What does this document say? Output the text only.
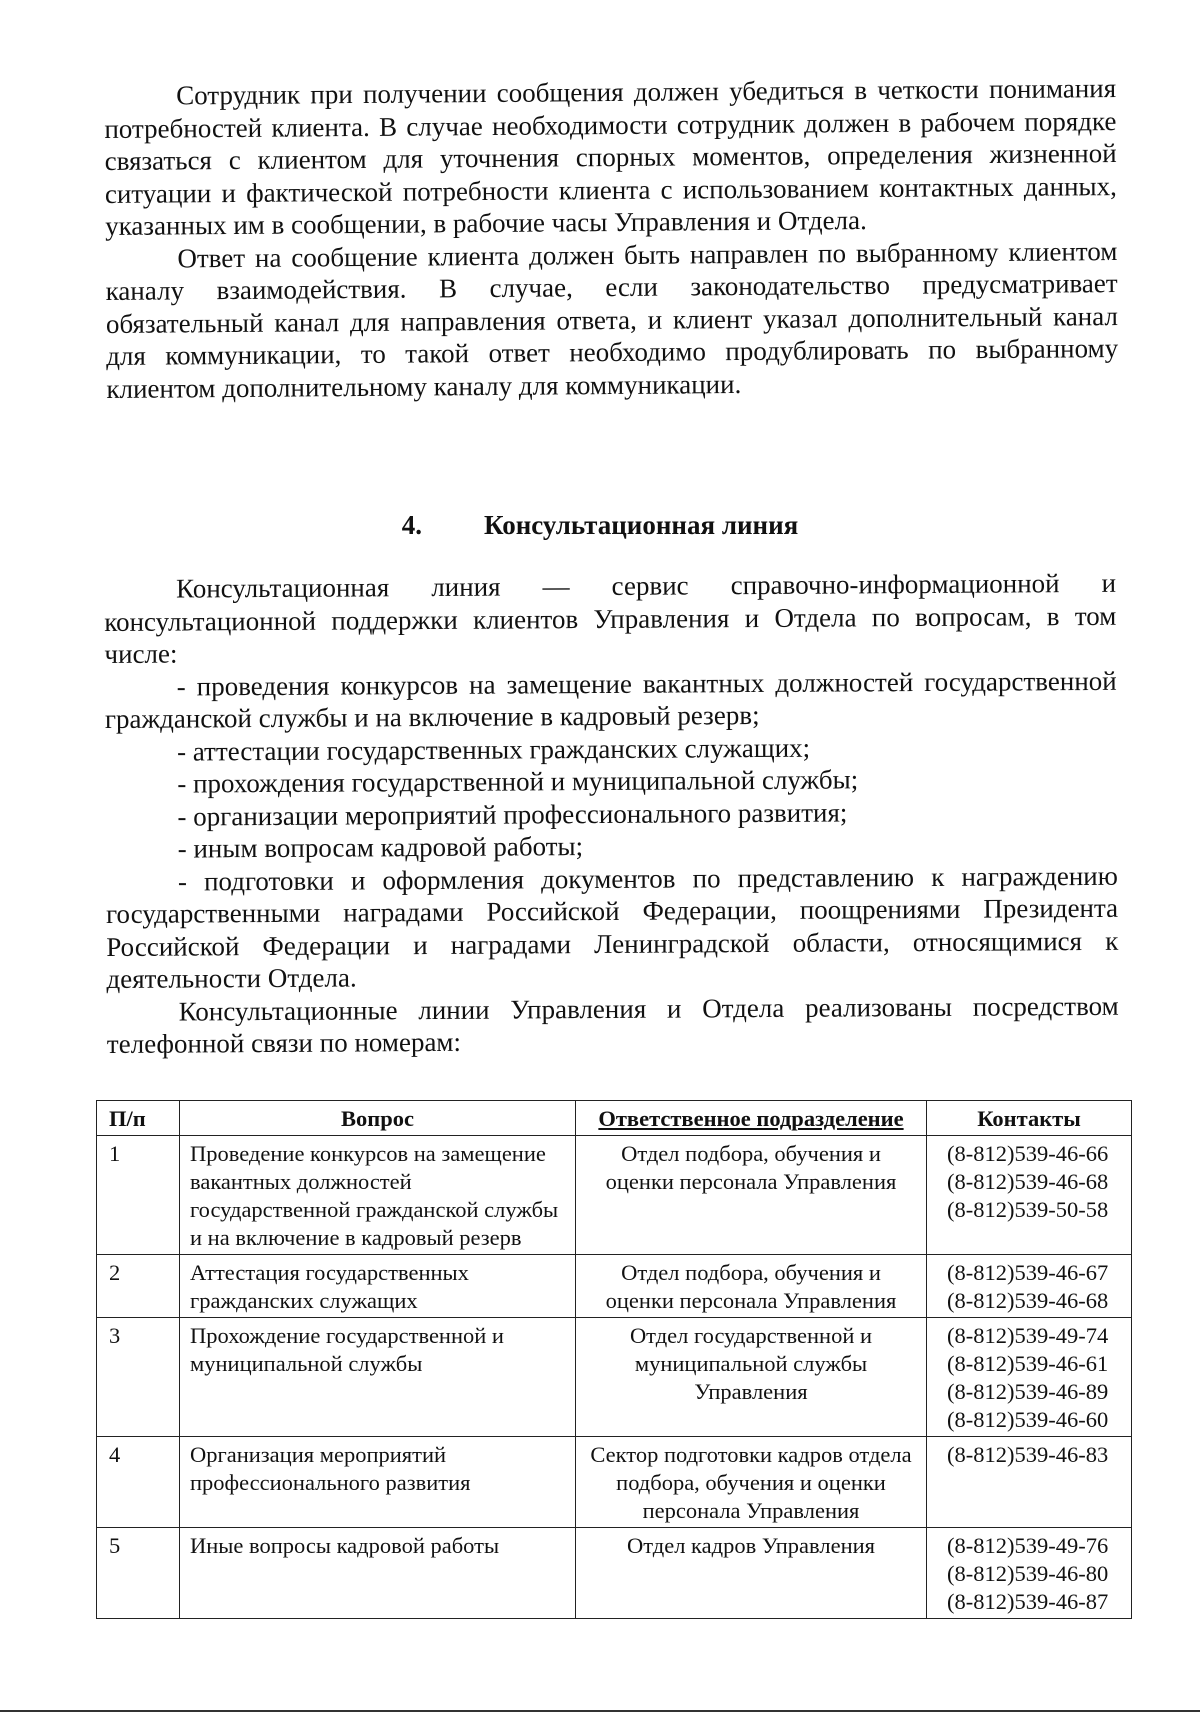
Сотрудник при получении сообщения должен убедиться в четкости понимания потребностей клиента. В случае необходимости сотрудник должен в рабочем порядке связаться с клиентом для уточнения спорных моментов, определения жизненной ситуации и фактической потребности клиента с использованием контактных данных, указанных им в сообщении, в рабочие часы Управления и Отдела.

Ответ на сообщение клиента должен быть направлен по выбранному клиентом каналу взаимодействия. В случае, если законодательство предусматривает обязательный канал для направления ответа, и клиент указал дополнительный канал для коммуникации, то такой ответ необходимо продублировать по выбранному клиентом дополнительному каналу для коммуникации.

4. Консультационная линия

Консультационная линия — сервис справочно-информационной и консультационной поддержки клиентов Управления и Отдела по вопросам, в том числе:

- проведения конкурсов на замещение вакантных должностей государственной гражданской службы и на включение в кадровый резерв;

- аттестации государственных гражданских служащих;

- прохождения государственной и муниципальной службы;

- организации мероприятий профессионального развития;

- иным вопросам кадровой работы;

- подготовки и оформления документов по представлению к награждению государственными наградами Российской Федерации, поощрениями Президента Российской Федерации и наградами Ленинградской области, относящимися к деятельности Отдела.

Консультационные линии Управления и Отдела реализованы посредством телефонной связи по номерам:

П/п	Вопрос	Ответственное подразделение	Контакты
1	Проведение конкурсов на замещение вакантных должностей государственной гражданской службы и на включение в кадровый резерв	Отдел подбора, обучения и оценки персонала Управления	(8-812)539-46-66
(8-812)539-46-68
(8-812)539-50-58

2	Аттестация государственных гражданских служащих	Отдел подбора, обучения и оценки персонала Управления	(8-812)539-46-67
(8-812)539-46-68

3	Прохождение государственной и муниципальной службы	Отдел государственной и муниципальной службы Управления	(8-812)539-49-74
(8-812)539-46-61
(8-812)539-46-89
(8-812)539-46-60

4	Организация мероприятий профессионального развития	Сектор подготовки кадров отдела подбора, обучения и оценки персонала Управления	(8-812)539-46-83

5	Иные вопросы кадровой работы	Отдел кадров Управления	(8-812)539-49-76
(8-812)539-46-80
(8-812)539-46-87
